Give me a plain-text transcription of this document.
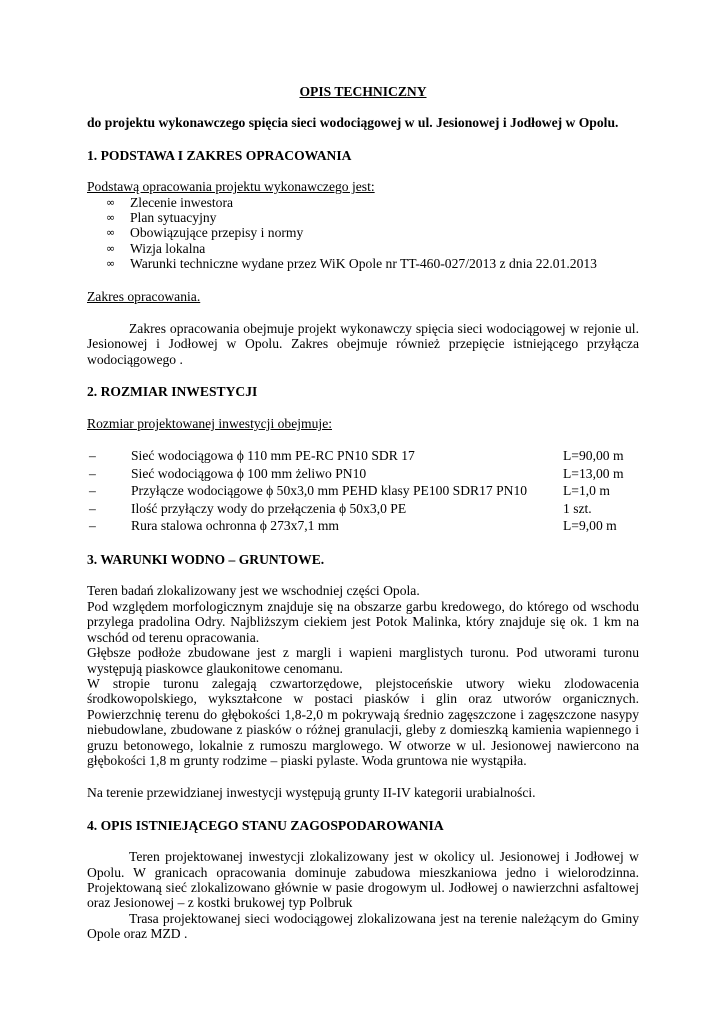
OPIS TECHNICZNY

do projektu wykonawczego spięcia sieci wodociągowej w ul. Jesionowej i Jodłowej w Opolu.

1. PODSTAWA I ZAKRES OPRACOWANIA

Podstawą opracowania projektu wykonawczego jest:

∞	Zlecenie inwestora
∞	Plan sytuacyjny
∞	Obowiązujące przepisy i normy
∞	Wizja lokalna
∞	Warunki techniczne wydane przez WiK Opole nr TT-460-027/2013 z dnia 22.01.2013

Zakres opracowania.

Zakres opracowania obejmuje projekt wykonawczy spięcia sieci wodociągowej w rejonie ul. Jesionowej i Jodłowej w Opolu. Zakres obejmuje również przepięcie istniejącego przyłącza wodociągowego .

2. ROZMIAR INWESTYCJI

Rozmiar projektowanej inwestycji obejmuje:

–	Sieć wodociągowa ϕ 110 mm PE-RC PN10 SDR 17	L=90,00 m
–	Sieć wodociągowa ϕ 100 mm żeliwo PN10	L=13,00 m
–	Przyłącze wodociągowe ϕ 50x3,0 mm PEHD klasy PE100 SDR17 PN10	L=1,0 m
–	Ilość przyłączy wody do przełączenia ϕ 50x3,0 PE	1 szt.
–	Rura stalowa ochronna ϕ 273x7,1 mm	L=9,00 m

3. WARUNKI WODNO – GRUNTOWE.

Teren badań zlokalizowany jest we wschodniej części Opola.

Pod względem morfologicznym znajduje się na obszarze garbu kredowego, do którego od wschodu przylega pradolina Odry. Najbliższym ciekiem jest Potok Malinka, który znajduje się ok. 1 km na wschód od terenu opracowania.

Głębsze podłoże zbudowane jest z margli i wapieni marglistych turonu. Pod utworami turonu występują piaskowce glaukonitowe cenomanu.

W stropie turonu zalegają czwartorzędowe, plejstoceńskie utwory wieku zlodowacenia środkowopolskiego, wykształcone w postaci piasków i glin oraz utworów organicznych. Powierzchnię terenu do głębokości 1,8-2,0 m pokrywają średnio zagęszczone i zagęszczone nasypy niebudowlane, zbudowane z piasków o różnej granulacji, gleby z domieszką kamienia wapiennego i gruzu betonowego, lokalnie z rumoszu marglowego. W otworze w ul. Jesionowej nawiercono na głębokości 1,8 m grunty rodzime – piaski pylaste. Woda gruntowa nie wystąpiła.

Na terenie przewidzianej inwestycji występują grunty II-IV kategorii urabialności.

4. OPIS ISTNIEJĄCEGO STANU ZAGOSPODAROWANIA

Teren projektowanej inwestycji zlokalizowany jest w okolicy ul. Jesionowej i Jodłowej w Opolu. W granicach opracowania dominuje zabudowa mieszkaniowa jedno i wielorodzinna. Projektowaną sieć zlokalizowano głównie w pasie drogowym ul. Jodłowej o nawierzchni asfaltowej oraz Jesionowej – z kostki brukowej typ Polbruk

Trasa projektowanej sieci wodociągowej zlokalizowana jest na terenie należącym do Gminy Opole oraz MZD .
